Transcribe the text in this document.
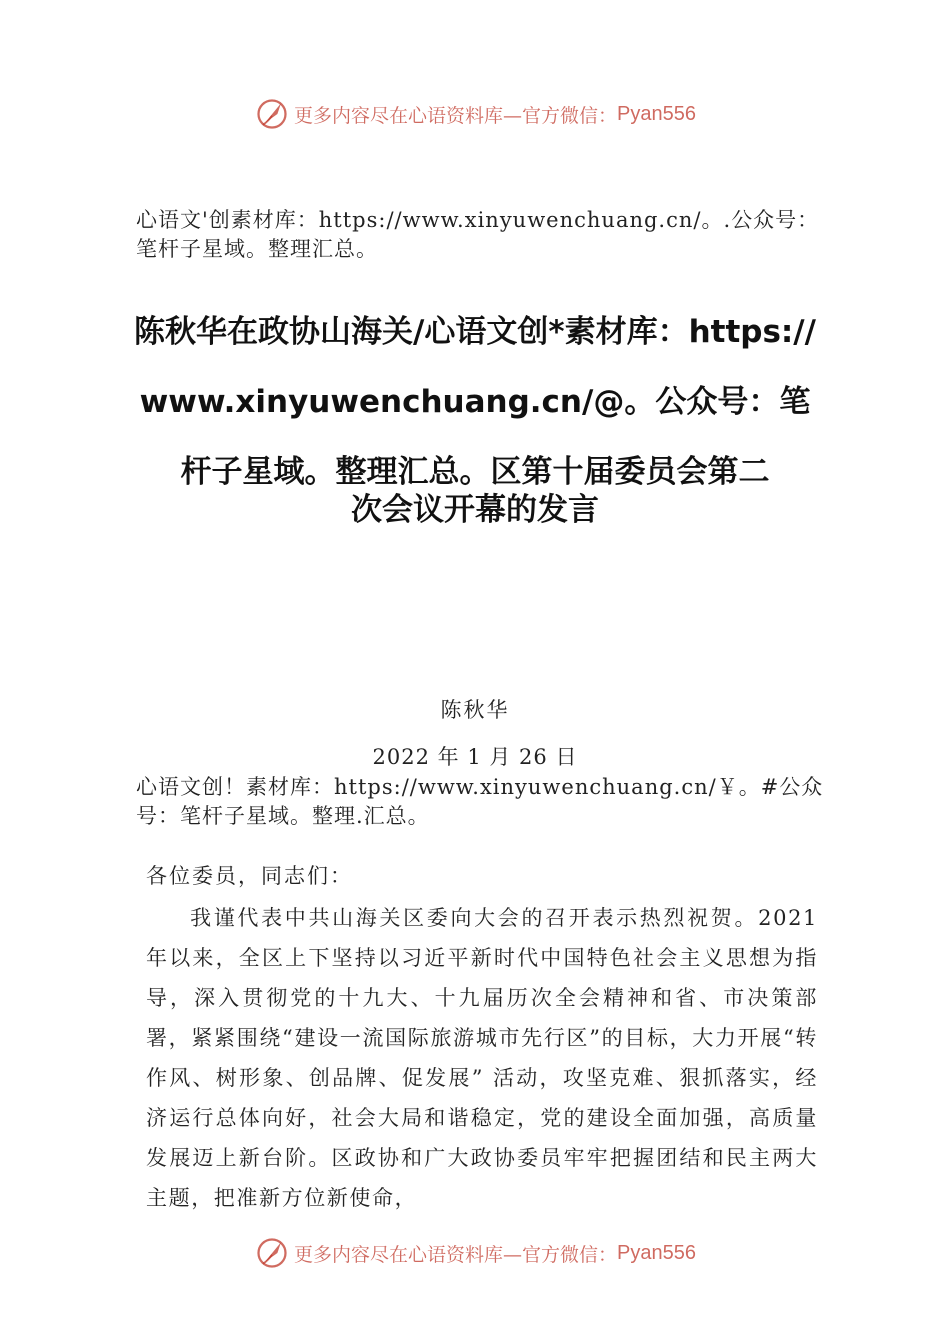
更多内容尽在心语资料库—官方微信： Pyan556
心语文'创素材库：https://www.xinyuwenchuang.cn/。.公众号：笔杆子星域。整理汇总。
陈秋华在政协山海关/心语文创*素材库：https://www.xinyuwenchuang.cn/@。公众号：笔杆子星域。整理汇总。区第十届委员会第二
次会议开幕的发言
陈秋华
2022 年 1 月 26 日
心语文创！素材库：https://www.xinyuwenchuang.cn/￥。#公众号：笔杆子星域。整理.汇总。
各位委员，同志们：
我谨代表中共山海关区委向大会的召开表示热烈祝贺。2021 年以来，全区上下坚持以习近平新时代中国特色社会主义思想为指导，深入贯彻党的十九大、十九届历次全会精神和省、市决策部署，紧紧围绕“建设一流国际旅游城市先行区”的目标，大力开展“转作风、树形象、创品牌、促发展” 活动，攻坚克难、狠抓落实，经济运行总体向好，社会大局和谐稳定，党的建设全面加强，高质量发展迈上新台阶。区政协和广大政协委员牢牢把握团结和民主两大主题，把准新方位新使命，
更多内容尽在心语资料库—官方微信： Pyan556
